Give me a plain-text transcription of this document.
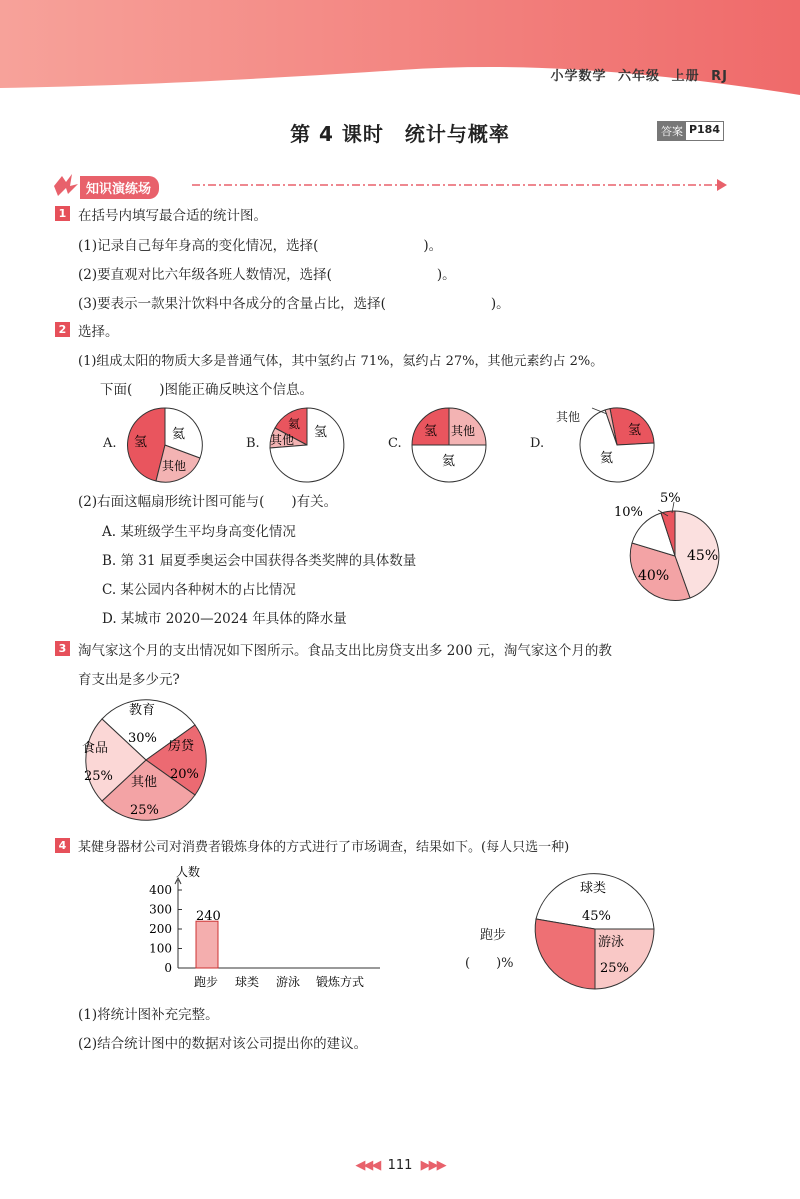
小学数学 六年级 上册 RJ
第 4 课时　统计与概率	答案 P184
知识演练场
1 在括号内填写最合适的统计图。
(1)记录自己每年身高的变化情况，选择(	)。
(2)要直观对比六年级各班人数情况，选择(	)。
(3)要表示一款果汁饮料中各成分的含量占比，选择(	)。
2 选择。
(1)组成太阳的物质大多是普通气体，其中氢约占 71%，氦约占 27%，其他元素约占 2%。
下面(　　)图能正确反映这个信息。
A.	B.	C.	D.
氢
氦
其他
氦
其他 氢	氢 其他
氦
氢
氦
其他
(2)右面这幅扇形统计图可能与(　　)有关。
A. 某班级学生平均身高变化情况
B. 第 31 届夏季奥运会中国获得各类奖牌的具体数量
C. 某公园内各种树木的占比情况
D. 某城市 2020—2024 年具体的降水量
10%
5%
45%
40%
3 淘气家这个月的支出情况如下图所示。食品支出比房贷支出多 200 元，淘气家这个月的教
育支出是多少元?
教育
30%
房贷
20%
其他
25%
食品
25%
4 某健身器材公司对消费者锻炼身体的方式进行了市场调查，结果如下。(每人只选一种)
人数
400
300
200
100
0
240
跑步 球类 游泳 锻炼方式
球类
45%
游泳
25%
跑步
(　　)%
(1)将统计图补充完整。
(2)结合统计图中的数据对该公司提出你的建议。
◀◀◀ 111 ▶▶▶
